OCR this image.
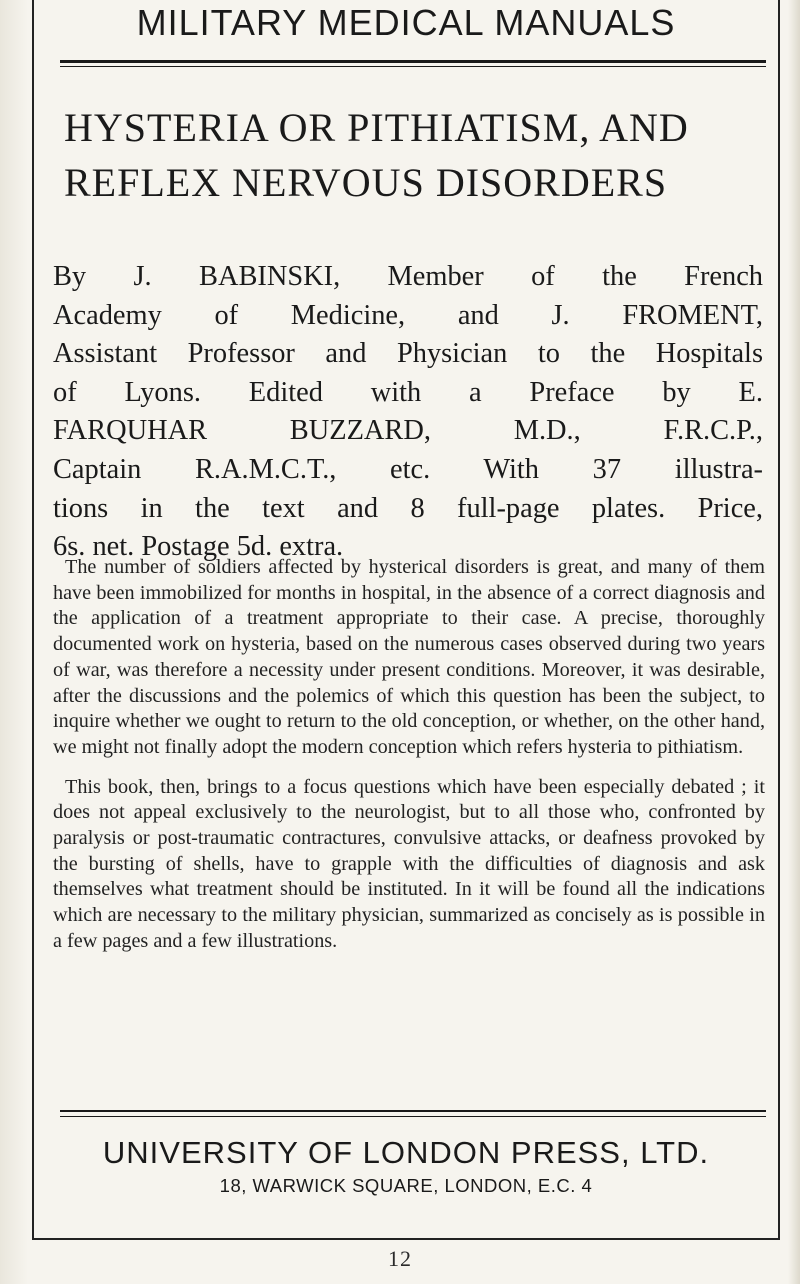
MILITARY MEDICAL MANUALS
HYSTERIA OR PITHIATISM, AND
REFLEX NERVOUS DISORDERS
UNIVERSITY OF LONDON PRESS, LTD.
18, WARWICK SQUARE, LONDON, E.C. 4
By J. BABINSKI, Member of the French
Academy of Medicine, and J. FROMENT,
Assistant Professor and Physician to the Hospitals
of Lyons. Edited with a Preface by E.
FARQUHAR BUZZARD, M.D., F.R.C.P.,
Captain R.A.M.C.T., etc. With 37 illustra-
tions in the text and 8 full-page plates. Price,
6s. net. Postage 5d. extra.

The number of soldiers affected by hysterical disorders is great, and many of them have been immobilized for months in hospital, in the absence of a correct diagnosis and the application of a treatment appropriate to their case. A precise, thoroughly documented work on hysteria, based on the numerous cases observed during two years of war, was therefore a necessity under present conditions. Moreover, it was desirable, after the discussions and the polemics of which this question has been the subject, to inquire whether we ought to return to the old conception, or whether, on the other hand, we might not finally adopt the modern conception which refers hysteria to pithiatism.

This book, then, brings to a focus questions which have been especially debated ; it does not appeal exclusively to the neurologist, but to all those who, confronted by paralysis or post-traumatic contractures, convulsive attacks, or deafness provoked by the bursting of shells, have to grapple with the difficulties of diagnosis and ask themselves what treatment should be instituted. In it will be found all the indications which are necessary to the military physician, summarized as concisely as is possible in a few pages and a few illustrations.

12
